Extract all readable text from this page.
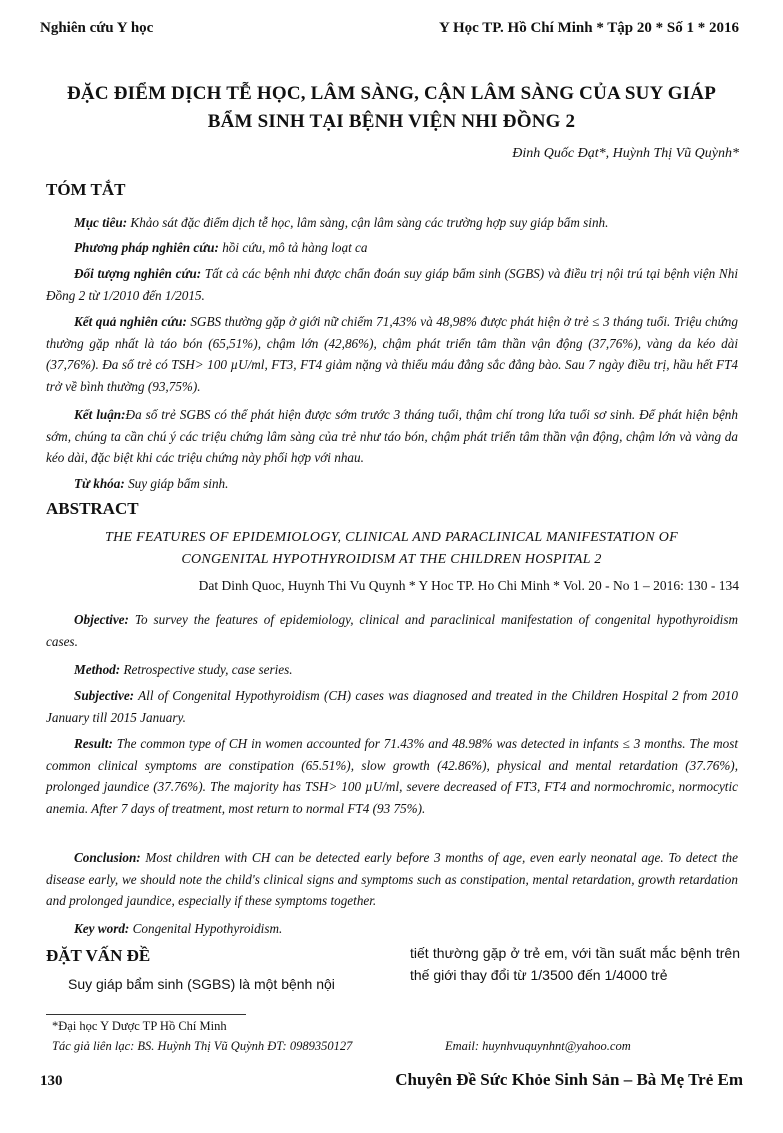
Nghiên cứu Y học	Y Học TP. Hồ Chí Minh * Tập 20 * Số 1 * 2016
ĐẶC ĐIỂM DỊCH TỄ HỌC, LÂM SÀNG, CẬN LÂM SÀNG CỦA SUY GIÁP
BẨM SINH TẠI BỆNH VIỆN NHI ĐỒNG 2
Đinh Quốc Đạt*, Huỳnh Thị Vũ Quỳnh*
TÓM TẮT
Mục tiêu: Khảo sát đặc điểm dịch tễ học, lâm sàng, cận lâm sàng các trường hợp suy giáp bẩm sinh.
Phương pháp nghiên cứu: hồi cứu, mô tả hàng loạt ca
Đối tượng nghiên cứu: Tất cả các bệnh nhi được chẩn đoán suy giáp bẩm sinh (SGBS) và điều trị nội trú tại bệnh viện Nhi Đồng 2 từ 1/2010 đến 1/2015.
Kết quả nghiên cứu: SGBS thường gặp ở giới nữ chiếm 71,43% và 48,98% được phát hiện ở trẻ ≤ 3 tháng tuổi. Triệu chứng thường gặp nhất là táo bón (65,51%), chậm lớn (42,86%), chậm phát triển tâm thần vận động (37,76%), vàng da kéo dài (37,76%). Đa số trẻ có TSH> 100 µU/ml, FT3, FT4 giảm nặng và thiếu máu đẳng sắc đẳng bào. Sau 7 ngày điều trị, hầu hết FT4 trở về bình thường (93,75%).
Kết luận:Đa số trẻ SGBS có thể phát hiện được sớm trước 3 tháng tuổi, thậm chí trong lứa tuổi sơ sinh. Để phát hiện bệnh sớm, chúng ta cần chú ý các triệu chứng lâm sàng của trẻ như táo bón, chậm phát triển tâm thần vận động, chậm lớn và vàng da kéo dài, đặc biệt khi các triệu chứng này phối hợp với nhau.
Từ khóa: Suy giáp bẩm sinh.
ABSTRACT
THE FEATURES OF EPIDEMIOLOGY, CLINICAL AND PARACLINICAL MANIFESTATION OF
CONGENITAL HYPOTHYROIDISM AT THE CHILDREN HOSPITAL 2
Dat Dinh Quoc, Huynh Thi Vu Quynh * Y Hoc TP. Ho Chi Minh * Vol. 20 - No 1 – 2016: 130 - 134
Objective: To survey the features of epidemiology, clinical and paraclinical manifestation of congenital hypothyroidism cases.
Method: Retrospective study, case series.
Subjective: All of Congenital Hypothyroidism (CH) cases was diagnosed and treated in the Children Hospital 2 from 2010 January till 2015 January.
Result: The common type of CH in women accounted for 71.43% and 48.98% was detected in infants ≤ 3 months. The most common clinical symptoms are constipation (65.51%), slow growth (42.86%), physical and mental retardation (37.76%), prolonged jaundice (37.76%). The majority has TSH> 100 µU/ml, severe decreased of FT3, FT4 and normochromic, normocytic anemia. After 7 days of treatment, most return to normal FT4 (93 75%).
Conclusion: Most children with CH can be detected early before 3 months of age, even early neonatal age. To detect the disease early, we should note the child's clinical signs and symptoms such as constipation, mental retardation, growth retardation and prolonged jaundice, especially if these symptoms together.
Key word: Congenital Hypothyroidism.
ĐẶT VẤN ĐỀ
Suy giáp bẩm sinh (SGBS) là một bệnh nội
tiết thường gặp ở trẻ em, với tần suất mắc bệnh trên thế giới thay đổi từ 1/3500 đến 1/4000 trẻ
*Đại học Y Dược TP Hồ Chí Minh
Tác giả liên lạc: BS. Huỳnh Thị Vũ Quỳnh ĐT: 0989350127	Email: huynhvuquynhnt@yahoo.com
130	Chuyên Đề Sức Khỏe Sinh Sản – Bà Mẹ Trẻ Em
